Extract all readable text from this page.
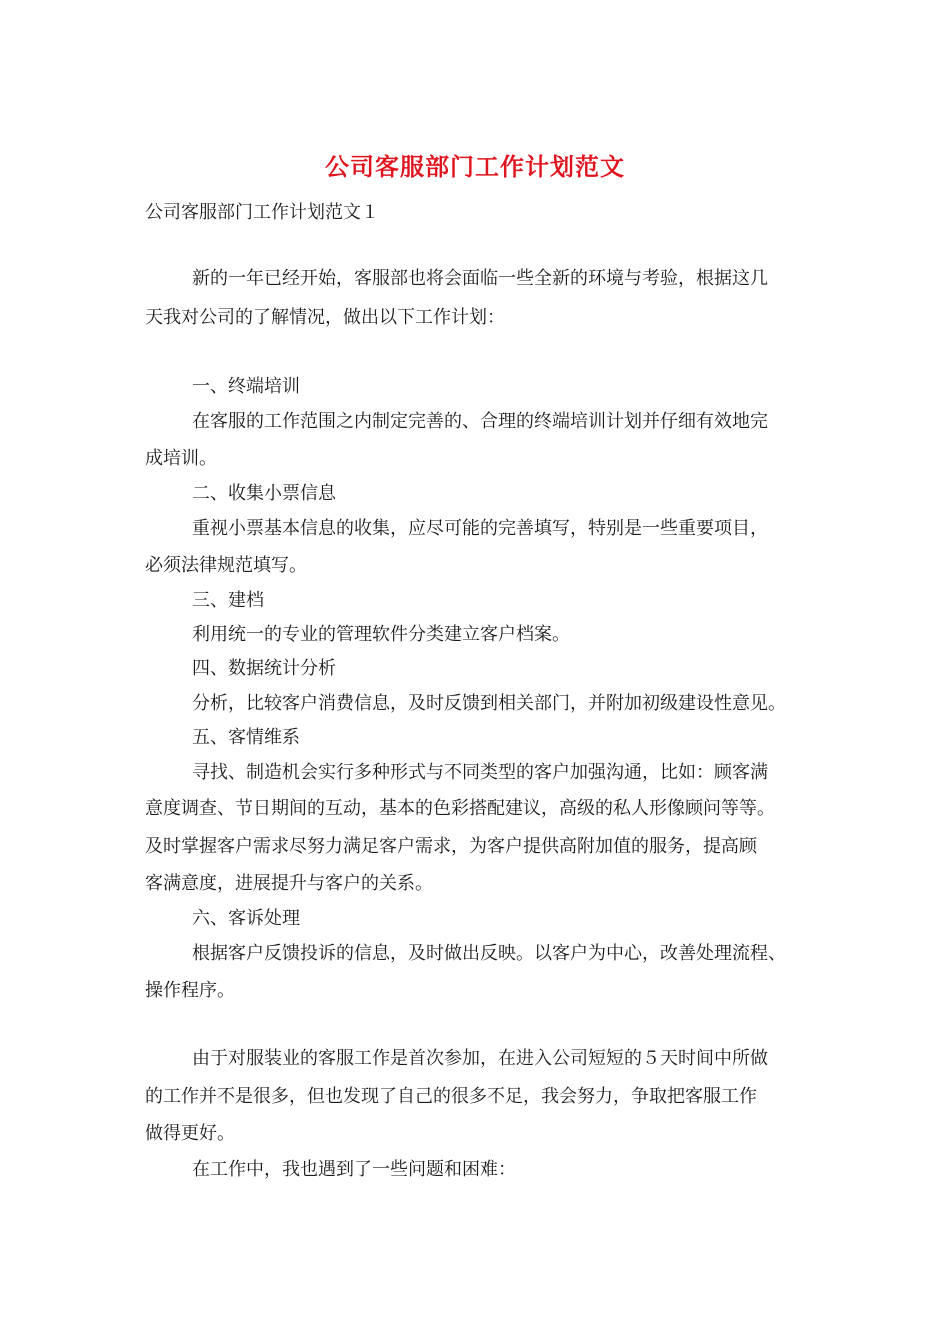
公司客服部门工作计划范文
公司客服部门工作计划范文１
新的一年已经开始，客服部也将会面临一些全新的环境与考验，根据这几
天我对公司的了解情况，做出以下工作计划：
一、终端培训
在客服的工作范围之内制定完善的、合理的终端培训计划并仔细有效地完
成培训。
二、收集小票信息
重视小票基本信息的收集，应尽可能的完善填写，特别是一些重要项目，
必须法律规范填写。
三、建档
利用统一的专业的管理软件分类建立客户档案。
四、数据统计分析
分析，比较客户消费信息，及时反馈到相关部门，并附加初级建设性意见。
五、客情维系
寻找、制造机会实行多种形式与不同类型的客户加强沟通，比如：顾客满
意度调查、节日期间的互动，基本的色彩搭配建议，高级的私人形像顾问等等。
及时掌握客户需求尽努力满足客户需求，为客户提供高附加值的服务，提高顾
客满意度，进展提升与客户的关系。
六、客诉处理
根据客户反馈投诉的信息，及时做出反映。以客户为中心，改善处理流程、
操作程序。
由于对服装业的客服工作是首次参加，在进入公司短短的５天时间中所做
的工作并不是很多，但也发现了自己的很多不足，我会努力，争取把客服工作
做得更好。
在工作中，我也遇到了一些问题和困难：
